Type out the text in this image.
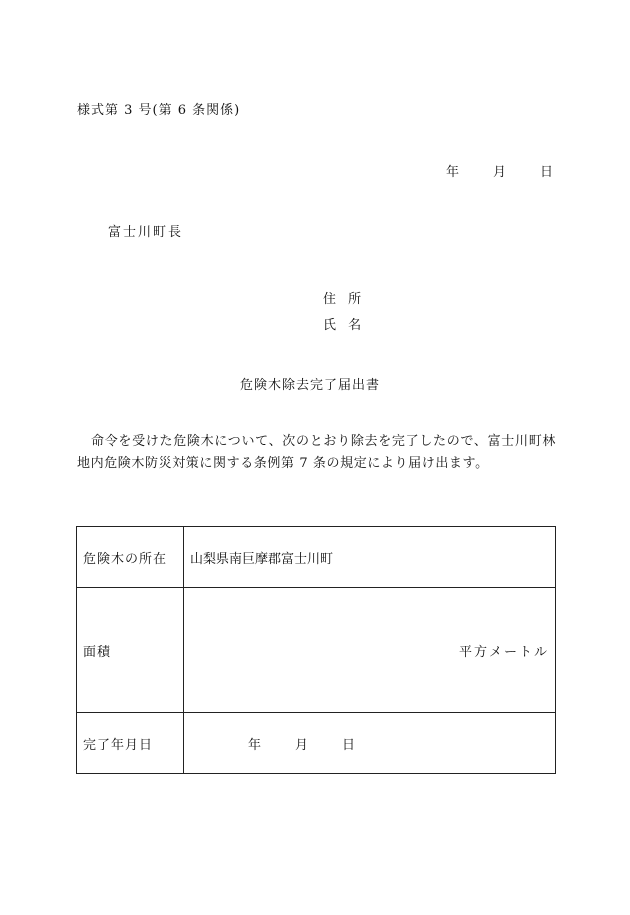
様式第 3 号(第 6 条関係)
年	月	日
富士川町長
住 所
氏 名
危険木除去完了届出書
命令を受けた危険木について、次のとおり除去を完了したので、富士川町林地内危険木防災対策に関する条例第 7 条の規定により届け出ます。
危険木の所在	山梨県南巨摩郡富士川町
面積	平方メートル

完了年月日	年 月 日
